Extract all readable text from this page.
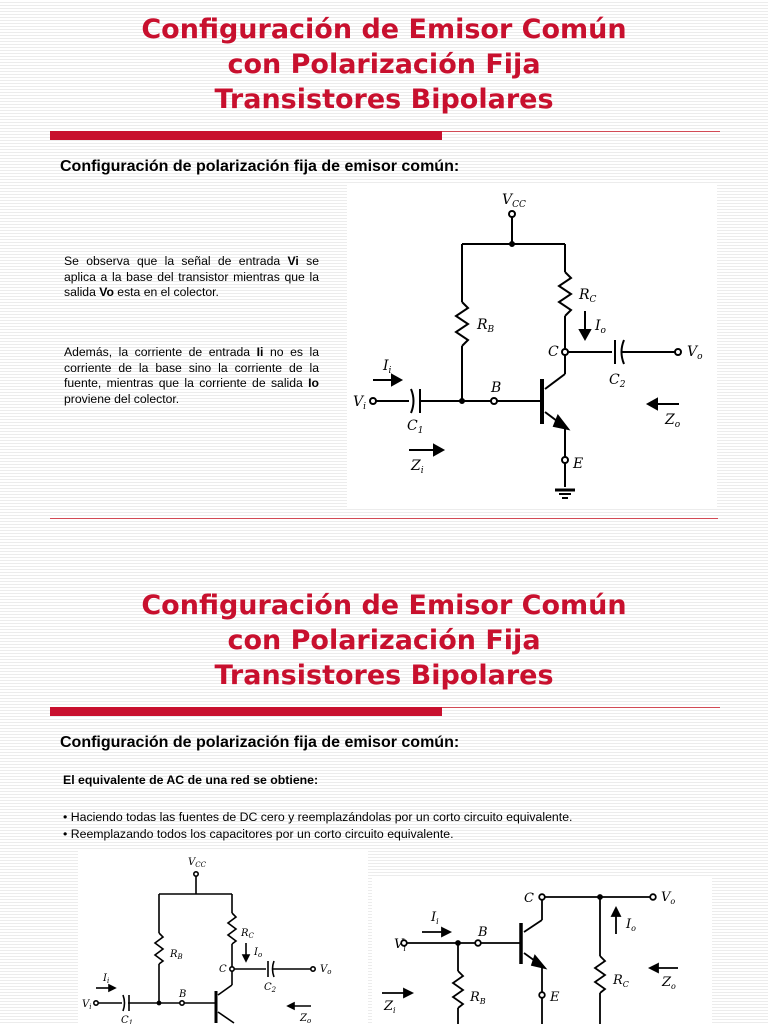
Configuración de Emisor Común
con Polarización Fija
Transistores Bipolares
Configuración de polarización fija de emisor común:
Se observa que la señal de entrada Vi se aplica a la base del transistor mientras que la salida Vo esta en el colector.
Además, la corriente de entrada Ii no es la corriente de la base sino la corriente de la fuente, mientras que la corriente de salida Io proviene del colector.
$V_{CC}$
$R_B$
$R_C$
$I_o$
C	$V_o$
$C_2$
E
B
$V_i$
$C_1$
$I_i$
$Z_i$
$Z_o$
Configuración de Emisor Común
con Polarización Fija
Transistores Bipolares
Configuración de polarización fija de emisor común:
El equivalente de AC de una red se obtiene:
• Haciendo todas las fuentes de DC cero y reemplazándolas por un corto circuito equivalente.
• Reemplazando todos los capacitores por un corto circuito equivalente.
$V_{CC}$
$R_B$
$R_C$
$I_o$
C	$V_o$
$C_2$
B
$V_i$
$C_1$
$I_i$
$Z_o$
C	$V_o$
E
$V_i$
B
$R_B$
$I_i$
$Z_i$
$R_C$
$I_o$
$Z_o$
